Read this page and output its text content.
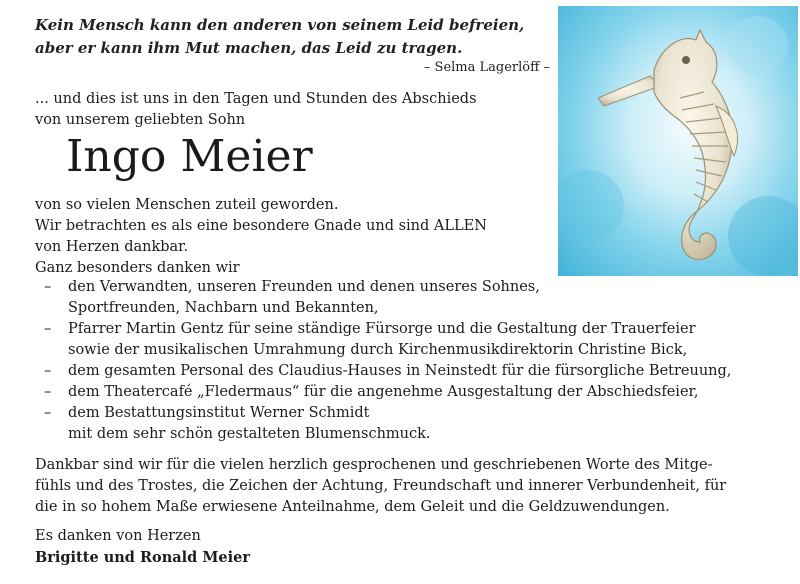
Kein Mensch kann den anderen von seinem Leid befreien,
aber er kann ihm Mut machen, das Leid zu tragen.
– Selma Lagerlöff –
... und dies ist uns in den Tagen und Stunden des Abschieds
von unserem geliebten Sohn
Ingo Meier
von so vielen Menschen zuteil geworden.
Wir betrachten es als eine besondere Gnade und sind ALLEN
von Herzen dankbar.
Ganz besonders danken wir
– den Verwandten, unseren Freunden und denen unseres Sohnes,
Sportfreunden, Nachbarn und Bekannten,
– Pfarrer Martin Gentz für seine ständige Fürsorge und die Gestaltung der Trauerfeier
sowie der musikalischen Umrahmung durch Kirchenmusikdirektorin Christine Bick,
– dem gesamten Personal des Claudius-Hauses in Neinstedt für die fürsorgliche Betreuung,
– dem Theatercafé „Fledermaus“ für die angenehme Ausgestaltung der Abschiedsfeier,
– dem Bestattungsinstitut Werner Schmidt
mit dem sehr schön gestalteten Blumenschmuck.
Dankbar sind wir für die vielen herzlich gesprochenen und geschriebenen Worte des Mitge-
fühls und des Trostes, die Zeichen der Achtung, Freundschaft und innerer Verbundenheit, für
die in so hohem Maße erwiesene Anteilnahme, dem Geleit und die Geldzuwendungen.
Es danken von Herzen
Brigitte und Ronald Meier
